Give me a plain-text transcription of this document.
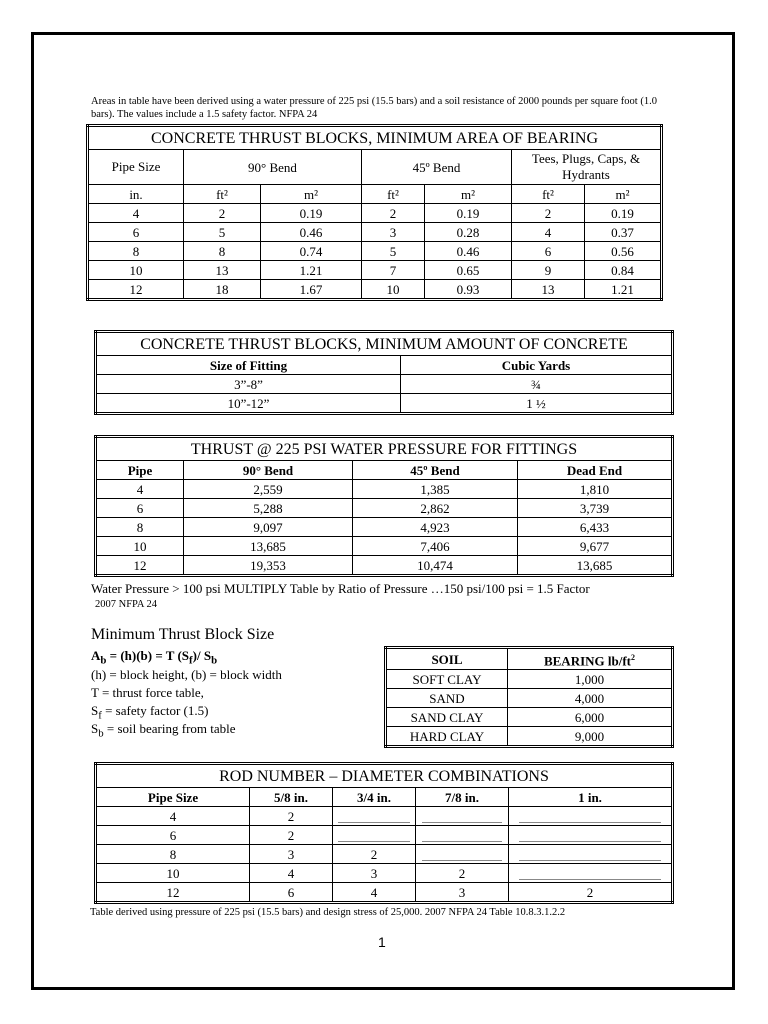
Areas in table have been derived using a water pressure of 225 psi (15.5 bars) and a soil resistance of 2000 pounds per square foot (1.0 bars). The values include a 1.5 safety factor. NFPA 24
CONCRETE THRUST BLOCKS, MINIMUM AREA OF BEARING						
Pipe Size	90° Bend		45º Bend		Tees, Plugs, Caps, & Hydrants	
in.	ft²	m²	ft²	m²	ft²	m²
4	2	0.19	2	0.19	2	0.19
6	5	0.46	3	0.28	4	0.37
8	8	0.74	5	0.46	6	0.56
10	13	1.21	7	0.65	9	0.84
12	18	1.67	10	0.93	13	1.21
CONCRETE THRUST BLOCKS, MINIMUM AMOUNT OF CONCRETE	
Size of Fitting	Cubic Yards
3”-8”	¾
10”-12”	1 ½
THRUST @ 225 PSI WATER PRESSURE FOR FITTINGS			
Pipe	90° Bend	45º Bend	Dead End
4	2,559	1,385	1,810
6	5,288	2,862	3,739
8	9,097	4,923	6,433
10	13,685	7,406	9,677
12	19,353	10,474	13,685
Water Pressure > 100 psi MULTIPLY Table by Ratio of Pressure …150 psi/100 psi = 1.5 Factor
2007 NFPA 24
Minimum Thrust Block Size
$A_b = (h)(b) = T$ $(S_f)/$ $S_b$
(h) = block height, (b) = block width
T = thrust force table,
$S_f$ = safety factor (1.5)
$S_b$ = soil bearing from table
SOIL	BEARING $lb/ft^2$
SOFT CLAY	1,000
SAND	4,000
SAND CLAY	6,000
HARD CLAY	9,000
ROD NUMBER – DIAMETER COMBINATIONS				
Pipe Size	5/8 in.	3/4 in.	7/8 in.	1 in.
4	2			
6	2			
8	3	2		
10	4	3	2	
12	6	4	3	2
Table derived using pressure of 225 psi (15.5 bars) and design stress of 25,000. 2007 NFPA 24 Table 10.8.3.1.2.2
1
